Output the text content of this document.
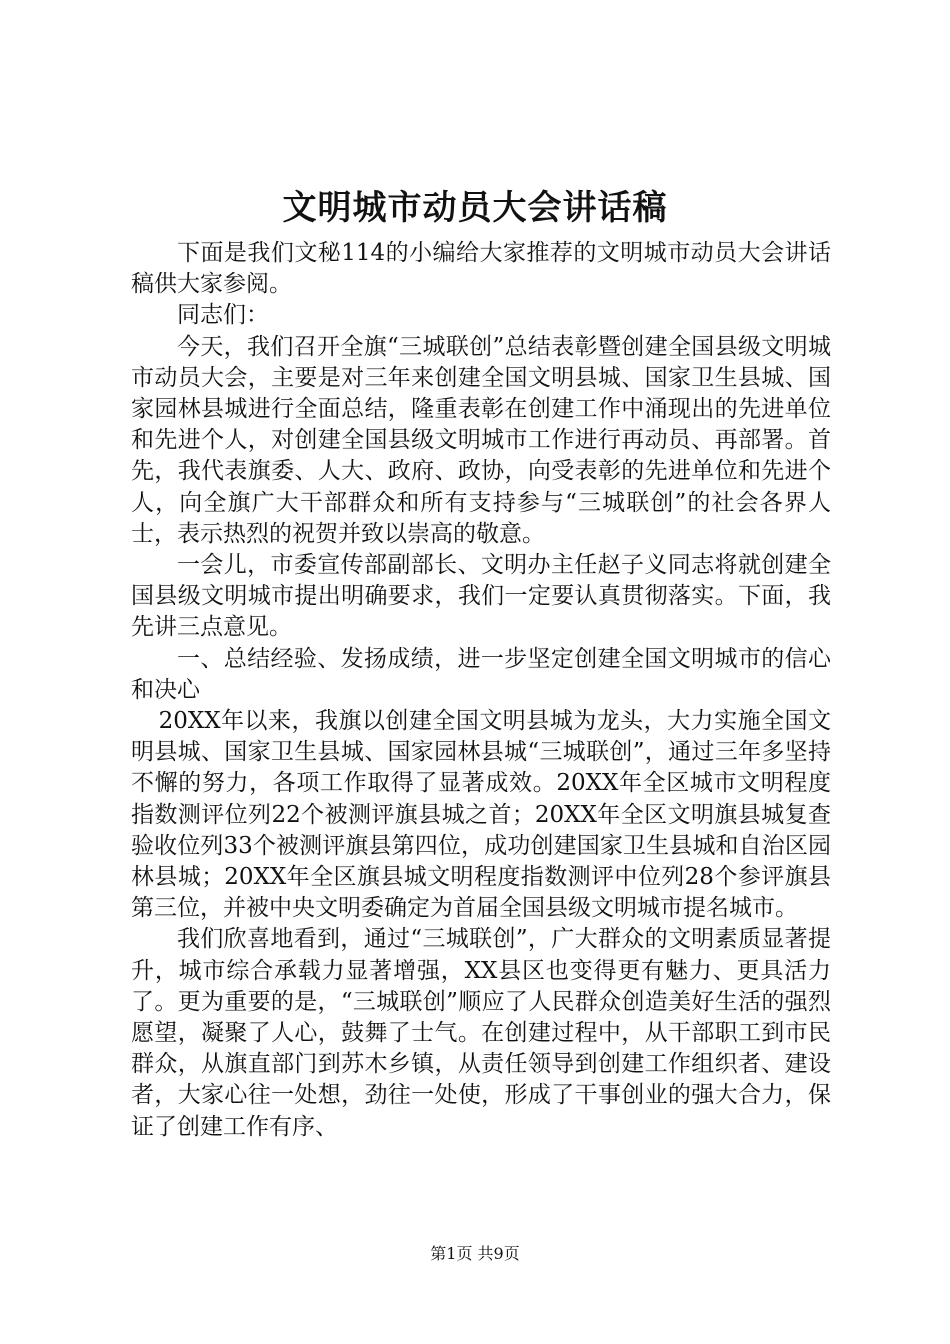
文明城市动员大会讲话稿

下面是我们文秘114的小编给大家推荐的文明城市动员大会讲话稿供大家参阅。

同志们：

今天，我们召开全旗“三城联创”总结表彰暨创建全国县级文明城市动员大会，主要是对三年来创建全国文明县城、国家卫生县城、国家园林县城进行全面总结，隆重表彰在创建工作中涌现出的先进单位和先进个人，对创建全国县级文明城市工作进行再动员、再部署。首先，我代表旗委、人大、政府、政协，向受表彰的先进单位和先进个人，向全旗广大干部群众和所有支持参与“三城联创”的社会各界人士，表示热烈的祝贺并致以崇高的敬意。

一会儿，市委宣传部副部长、文明办主任赵子义同志将就创建全国县级文明城市提出明确要求，我们一定要认真贯彻落实。下面，我先讲三点意见。

一、总结经验、发扬成绩，进一步坚定创建全国文明城市的信心和决心

20XX年以来，我旗以创建全国文明县城为龙头，大力实施全国文明县城、国家卫生县城、国家园林县城“三城联创”，通过三年多坚持不懈的努力，各项工作取得了显著成效。20XX年全区城市文明程度指数测评位列22个被测评旗县城之首；20XX年全区文明旗县城复查验收位列33个被测评旗县第四位，成功创建国家卫生县城和自治区园林县城；20XX年全区旗县城文明程度指数测评中位列28个参评旗县第三位，并被中央文明委确定为首届全国县级文明城市提名城市。

我们欣喜地看到，通过“三城联创”，广大群众的文明素质显著提升，城市综合承载力显著增强，XX县区也变得更有魅力、更具活力了。更为重要的是，“三城联创”顺应了人民群众创造美好生活的强烈愿望，凝聚了人心，鼓舞了士气。在创建过程中，从干部职工到市民群众，从旗直部门到苏木乡镇，从责任领导到创建工作组织者、建设者，大家心往一处想，劲往一处使，形成了干事创业的强大合力，保证了创建工作有序、

第1页 共9页
